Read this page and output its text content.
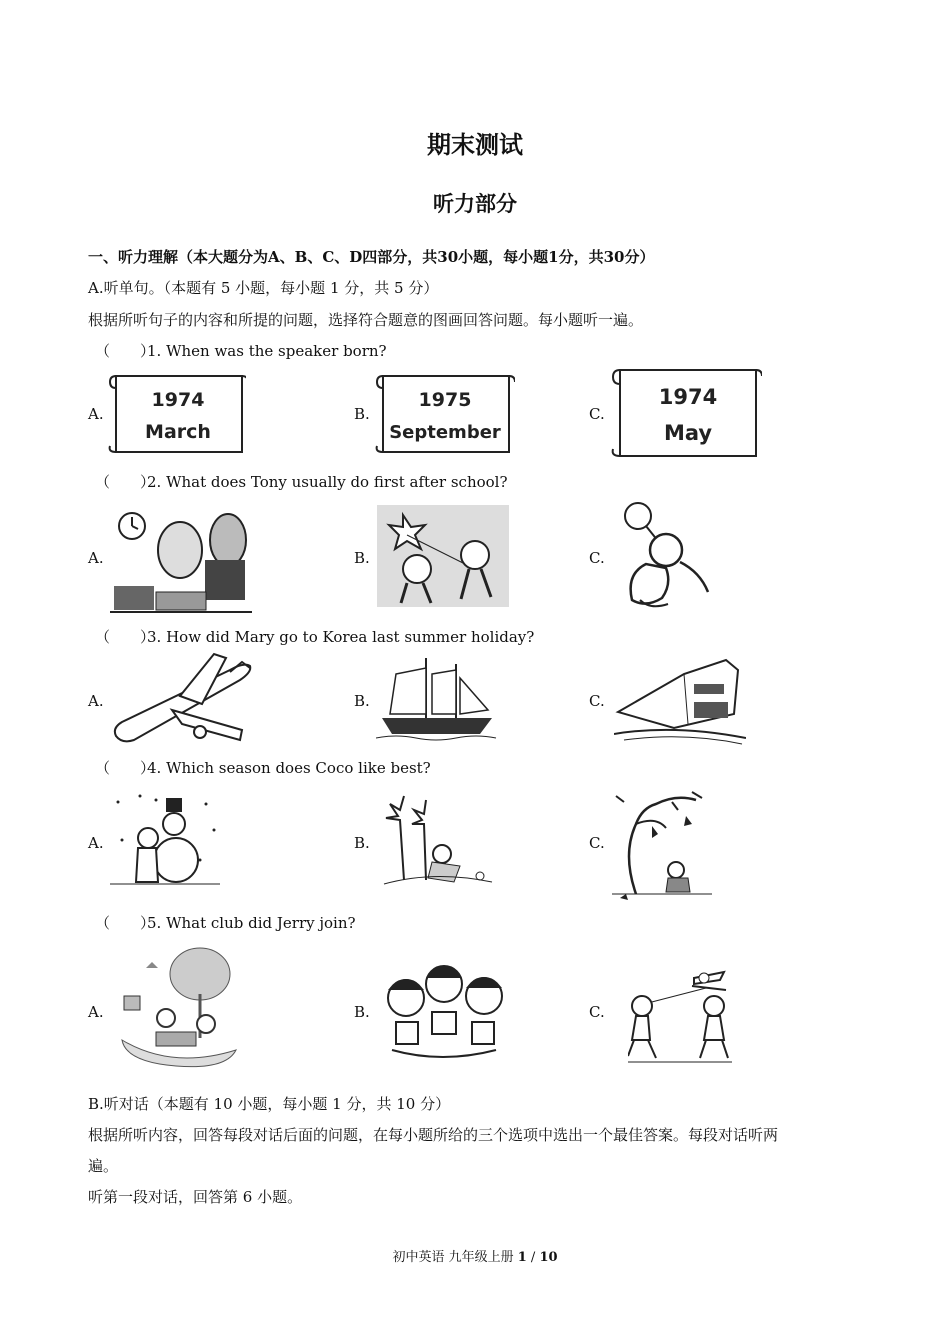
期末测试
听力部分
一、听力理解（本大题分为A、B、C、D四部分，共30小题，每小题1分，共30分）
A.听单句。（本题有 5 小题，每小题 1 分，共 5 分）
根据所听句子的内容和所提的问题，选择符合题意的图画回答问题。每小题听一遍。
（　　）1. When was the speaker born?
A.	B.	C.
1974
March
1975
September
1974
May
（　　）2. What does Tony usually do first after school?
A.	B.	C.
（　　）3. How did Mary go to Korea last summer holiday?
A.	B.	C.
（　　）4. Which season does Coco like best?
A.	B.	C.
（　　）5. What club did Jerry join?
A.	B.	C.
B.听对话（本题有 10 小题，每小题 1 分，共 10 分）
根据所听内容，回答每段对话后面的问题，在每小题所给的三个选项中选出一个最佳答案。每段对话听两
遍。
听第一段对话，回答第 6 小题。
初中英语 九年级上册 1 / 10
